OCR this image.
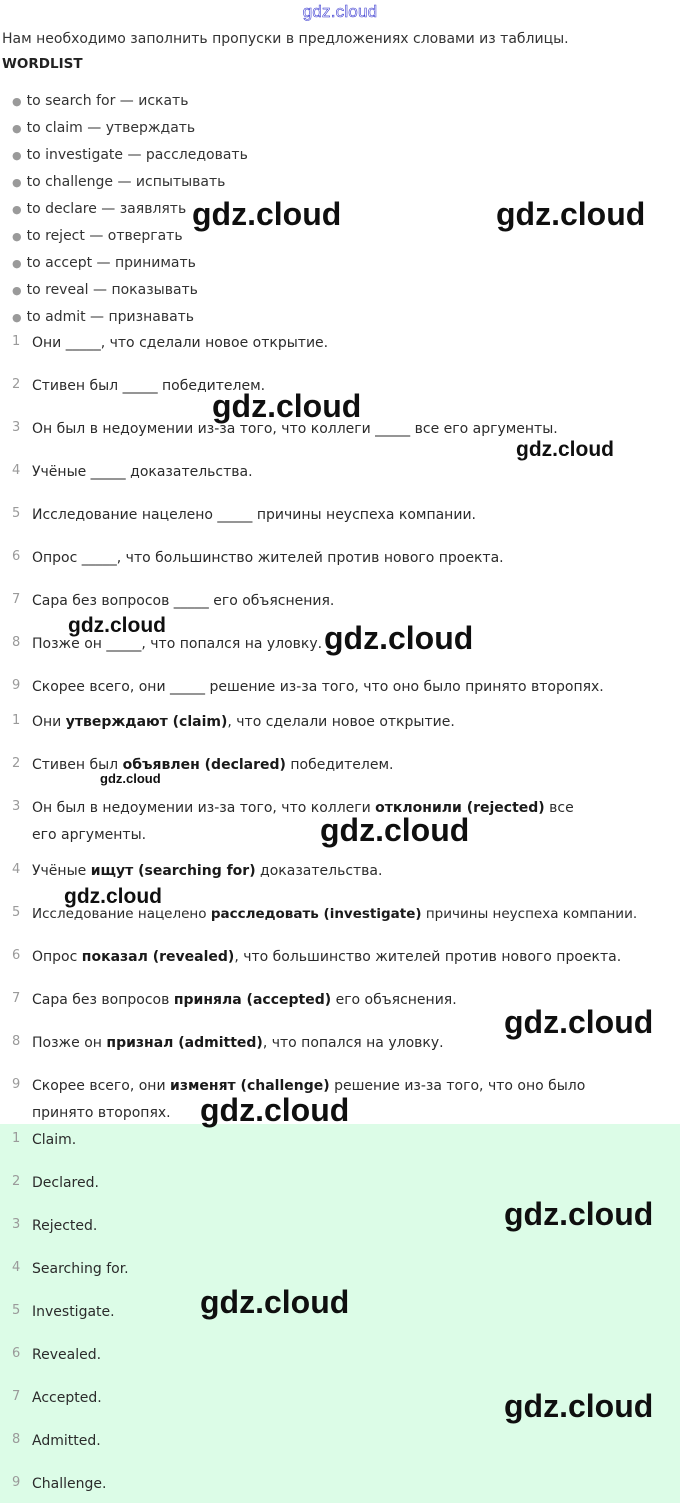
gdz.cloud
Нам необходимо заполнить пропуски в предложениях словами из таблицы.
WORDLIST
● to search for — искать
● to claim — утверждать
● to investigate — расследовать
● to challenge — испытывать
● to declare — заявлять
● to reject — отвергать
● to accept — принимать
● to reveal — показывать
● to admit — признавать
1 Они _____, что сделали новое открытие.
2 Стивен был _____ победителем.
3 Он был в недоумении из-за того, что коллеги _____ все его аргументы.
4 Учёные _____ доказательства.
5 Исследование нацелено _____ причины неуспеха компании.
6 Опрос _____, что большинство жителей против нового проекта.
7 Сара без вопросов _____ его объяснения.
8 Позже он _____, что попался на уловку.
9 Скорее всего, они _____ решение из-за того, что оно было принято второпях.
1 Они утверждают (claim), что сделали новое открытие.
2 Стивен был объявлен (declared) победителем.
3 Он был в недоумении из-за того, что коллеги отклонили (rejected) все его аргументы.
4 Учёные ищут (searching for) доказательства.
5 Исследование нацелено расследовать (investigate) причины неуспеха компании.
6 Опрос показал (revealed), что большинство жителей против нового проекта.
7 Сара без вопросов приняла (accepted) его объяснения.
8 Позже он признал (admitted), что попался на уловку.
9 Скорее всего, они изменят (challenge) решение из-за того, что оно было принято второпях.
1 Claim.
2 Declared.
3 Rejected.
4 Searching for.
5 Investigate.
6 Revealed.
7 Accepted.
8 Admitted.
9 Challenge.
gdz.cloud	gdz.cloud
gdz.cloud
gdz.cloud
gdz.cloud	gdz.cloud
gdz.cloud
gdz.cloud
gdz.cloud
gdz.cloud
gdz.cloud
gdz.cloud
gdz.cloud
gdz.cloud
